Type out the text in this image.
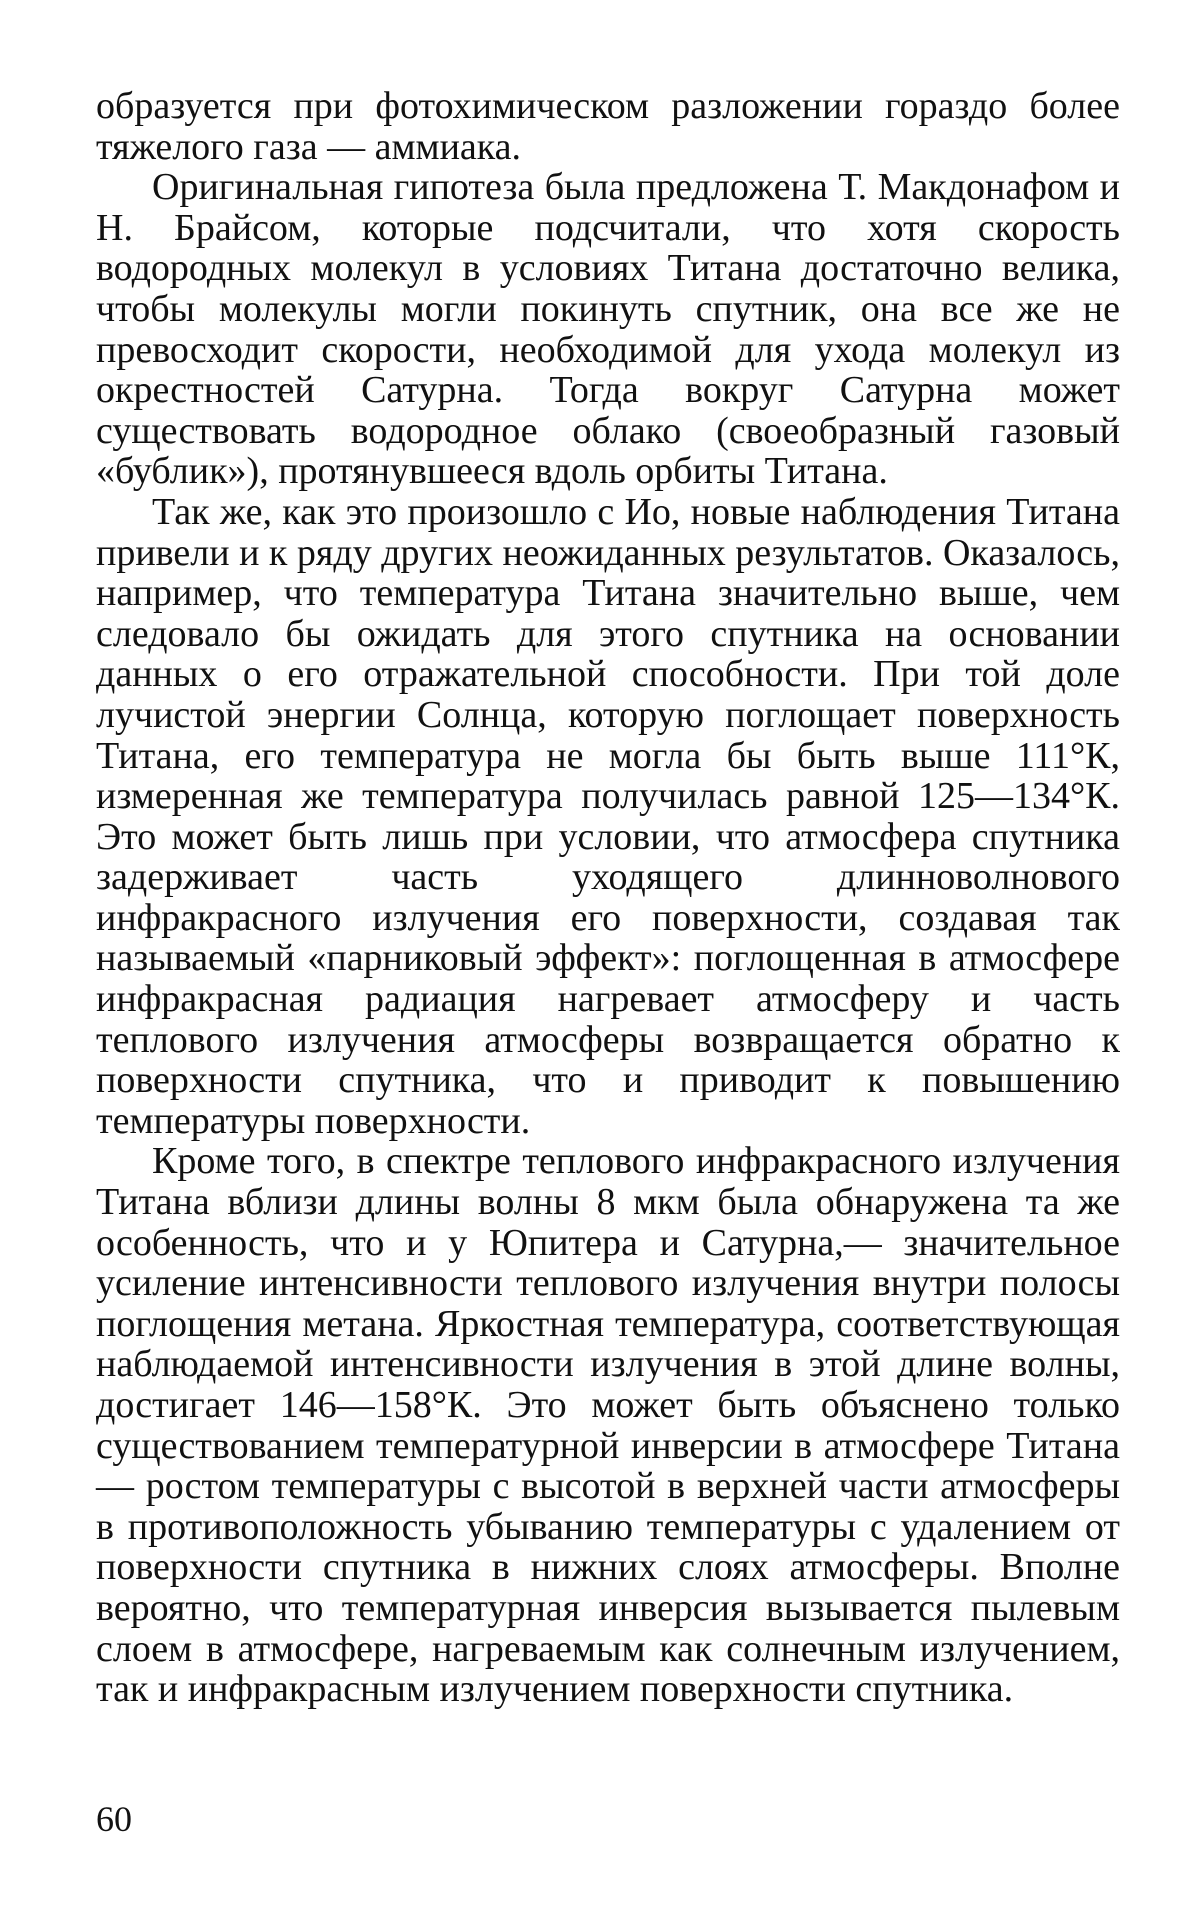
образуется при фотохимическом разложении гораздо более тяжелого газа — аммиака.

Оригинальная гипотеза была предложена Т. Макдонафом и Н. Брайсом, которые подсчитали, что хотя скорость водородных молекул в условиях Титана достаточно велика, чтобы молекулы могли покинуть спутник, она все же не превосходит скорости, необходимой для ухода молекул из окрестностей Сатурна. Тогда вокруг Сатурна может существовать водородное облако (своеобразный газовый «бублик»), протянувшееся вдоль орбиты Титана.

Так же, как это произошло с Ио, новые наблюдения Титана привели и к ряду других неожиданных результатов. Оказалось, например, что температура Титана значительно выше, чем следовало бы ожидать для этого спутника на основании данных о его отражательной способности. При той доле лучистой энергии Солнца, которую поглощает поверхность Титана, его температура не могла бы быть выше 111°К, измеренная же температура получилась равной 125—134°К. Это может быть лишь при условии, что атмосфера спутника задерживает часть уходящего длинноволнового инфракрасного излучения его поверхности, создавая так называемый «парниковый эффект»: поглощенная в атмосфере инфракрасная радиация нагревает атмосферу и часть теплового излучения атмосферы возвращается обратно к поверхности спутника, что и приводит к повышению температуры поверхности.

Кроме того, в спектре теплового инфракрасного излучения Титана вблизи длины волны 8 мкм была обнаружена та же особенность, что и у Юпитера и Сатурна,— значительное усиление интенсивности теплового излучения внутри полосы поглощения метана. Яркостная температура, соответствующая наблюдаемой интенсивности излучения в этой длине волны, достигает 146—158°К. Это может быть объяснено только существованием температурной инверсии в атмосфере Титана — ростом температуры с высотой в верхней части атмосферы в противоположность убыванию температуры с удалением от поверхности спутника в нижних слоях атмосферы. Вполне вероятно, что температурная инверсия вызывается пылевым слоем в атмосфере, нагреваемым как солнечным излучением, так и инфракрасным излучением поверхности спутника.

60
